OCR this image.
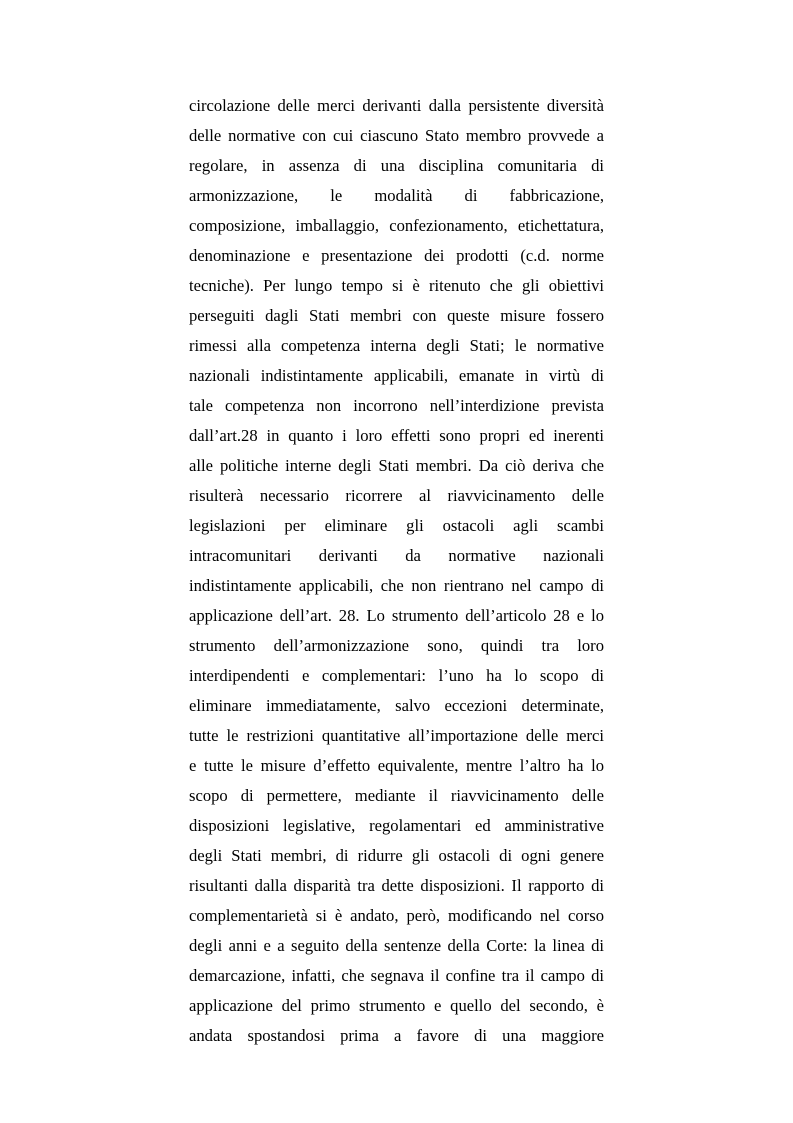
circolazione delle merci derivanti dalla persistente diversità
delle normative con cui ciascuno Stato membro provvede a
regolare, in assenza di una disciplina comunitaria di
armonizzazione, le modalità di fabbricazione,
composizione, imballaggio, confezionamento, etichettatura,
denominazione e presentazione dei prodotti (c.d. norme
tecniche). Per lungo tempo si è ritenuto che gli obiettivi
perseguiti dagli Stati membri con queste misure fossero
rimessi alla competenza interna degli Stati; le normative
nazionali indistintamente applicabili, emanate in virtù di
tale competenza non incorrono nell’interdizione prevista
dall’art.28 in quanto i loro effetti sono propri ed inerenti
alle politiche interne degli Stati membri. Da ciò deriva che
risulterà necessario ricorrere al riavvicinamento delle
legislazioni per eliminare gli ostacoli agli scambi
intracomunitari derivanti da normative nazionali
indistintamente applicabili, che non rientrano nel campo di
applicazione dell’art. 28. Lo strumento dell’articolo 28 e lo
strumento dell’armonizzazione sono, quindi tra loro
interdipendenti e complementari: l’uno ha lo scopo di
eliminare immediatamente, salvo eccezioni determinate,
tutte le restrizioni quantitative all’importazione delle merci
e tutte le misure d’effetto equivalente, mentre l’altro ha lo
scopo di permettere, mediante il riavvicinamento delle
disposizioni legislative, regolamentari ed amministrative
degli Stati membri, di ridurre gli ostacoli di ogni genere
risultanti dalla disparità tra dette disposizioni. Il rapporto di
complementarietà si è andato, però, modificando nel corso
degli anni e a seguito della sentenze della Corte: la linea di
demarcazione, infatti, che segnava il confine tra il campo di
applicazione del primo strumento e quello del secondo, è
andata spostandosi prima a favore di una maggiore
